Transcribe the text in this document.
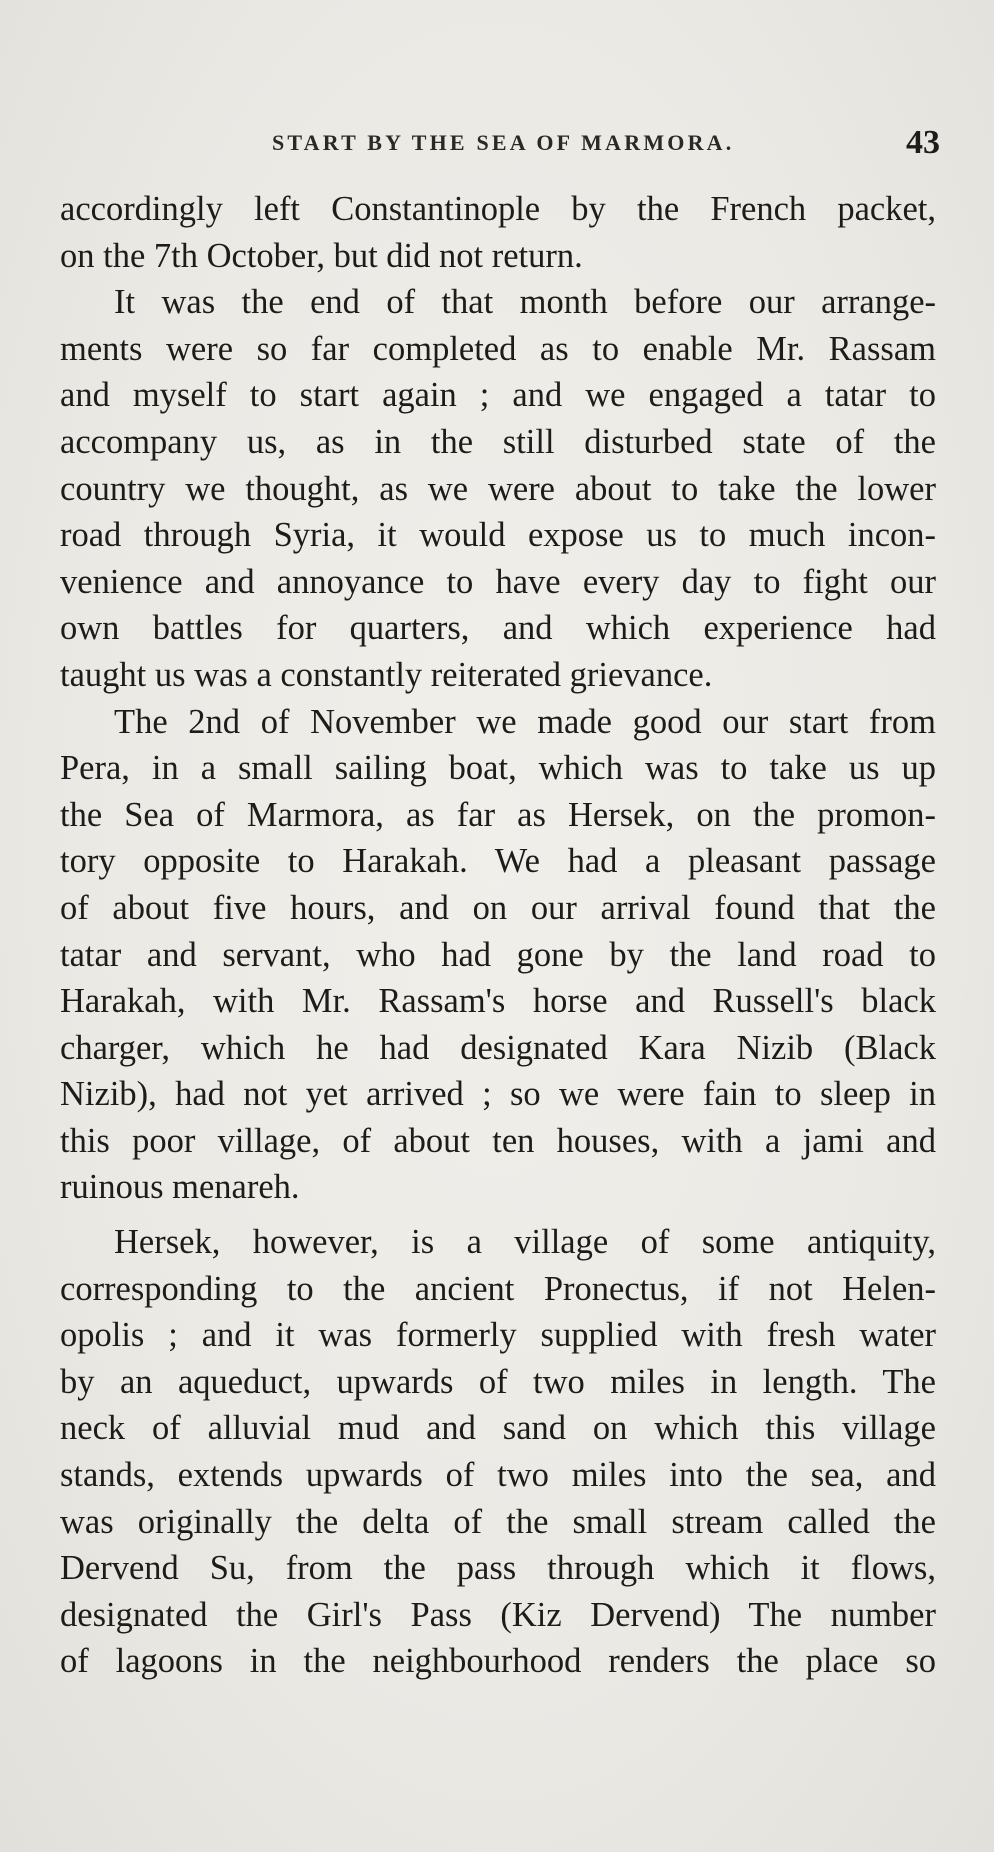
START BY THE SEA OF MARMORA.	43
accordingly left Constantinople by the French packet,
on the 7th October, but did not return.
It was the end of that month before our arrange-
ments were so far completed as to enable Mr. Rassam
and myself to start again ; and we engaged a tatar to
accompany us, as in the still disturbed state of the
country we thought, as we were about to take the lower
road through Syria, it would expose us to much incon-
venience and annoyance to have every day to fight our
own battles for quarters, and which experience had
taught us was a constantly reiterated grievance.
The 2nd of November we made good our start from
Pera, in a small sailing boat, which was to take us up
the Sea of Marmora, as far as Hersek, on the promon-
tory opposite to Harakah. We had a pleasant passage
of about five hours, and on our arrival found that the
tatar and servant, who had gone by the land road to
Harakah, with Mr. Rassam's horse and Russell's black
charger, which he had designated Kara Nizib (Black
Nizib), had not yet arrived ; so we were fain to sleep in
this poor village, of about ten houses, with a jami and
ruinous menareh.
Hersek, however, is a village of some antiquity,
corresponding to the ancient Pronectus, if not Helen-
opolis ; and it was formerly supplied with fresh water
by an aqueduct, upwards of two miles in length. The
neck of alluvial mud and sand on which this village
stands, extends upwards of two miles into the sea, and
was originally the delta of the small stream called the
Dervend Su, from the pass through which it flows,
designated the Girl's Pass (Kiz Dervend) The number
of lagoons in the neighbourhood renders the place so
